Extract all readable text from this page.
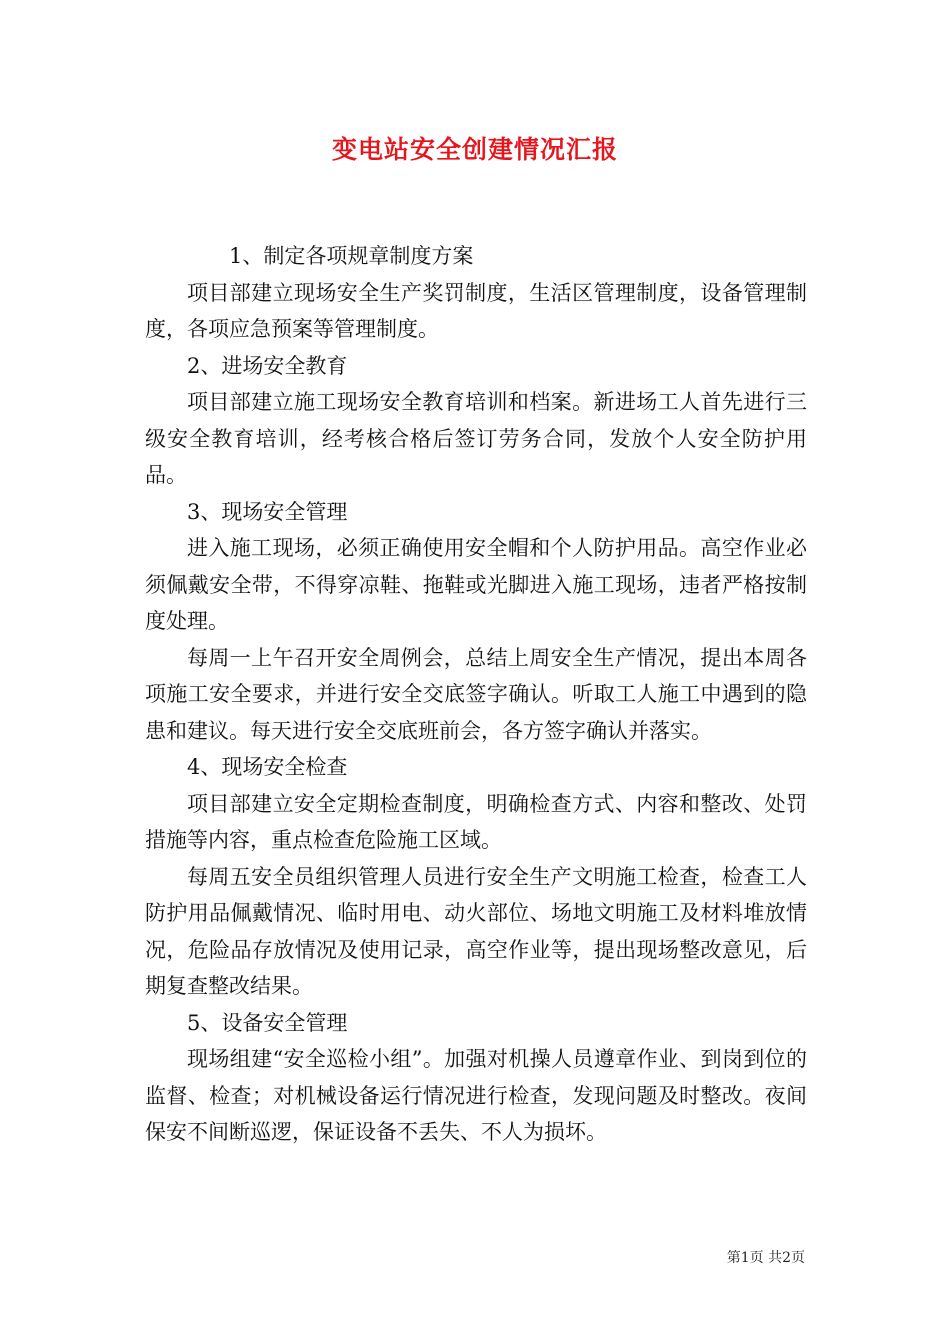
变电站安全创建情况汇报

1、制定各项规章制度方案

项目部建立现场安全生产奖罚制度，生活区管理制度，设备管理制度，各项应急预案等管理制度。

2、进场安全教育

项目部建立施工现场安全教育培训和档案。新进场工人首先进行三级安全教育培训，经考核合格后签订劳务合同，发放个人安全防护用品。

3、现场安全管理

进入施工现场，必须正确使用安全帽和个人防护用品。高空作业必须佩戴安全带，不得穿凉鞋、拖鞋或光脚进入施工现场，违者严格按制度处理。

每周一上午召开安全周例会，总结上周安全生产情况，提出本周各项施工安全要求，并进行安全交底签字确认。听取工人施工中遇到的隐患和建议。每天进行安全交底班前会，各方签字确认并落实。

4、现场安全检查

项目部建立安全定期检查制度，明确检查方式、内容和整改、处罚措施等内容，重点检查危险施工区域。

每周五安全员组织管理人员进行安全生产文明施工检查，检查工人防护用品佩戴情况、临时用电、动火部位、场地文明施工及材料堆放情况，危险品存放情况及使用记录，高空作业等，提出现场整改意见，后期复查整改结果。

5、设备安全管理

现场组建“安全巡检小组”。加强对机操人员遵章作业、到岗到位的监督、检查；对机械设备运行情况进行检查，发现问题及时整改。夜间保安不间断巡逻，保证设备不丢失、不人为损坏。

第1页 共2页
